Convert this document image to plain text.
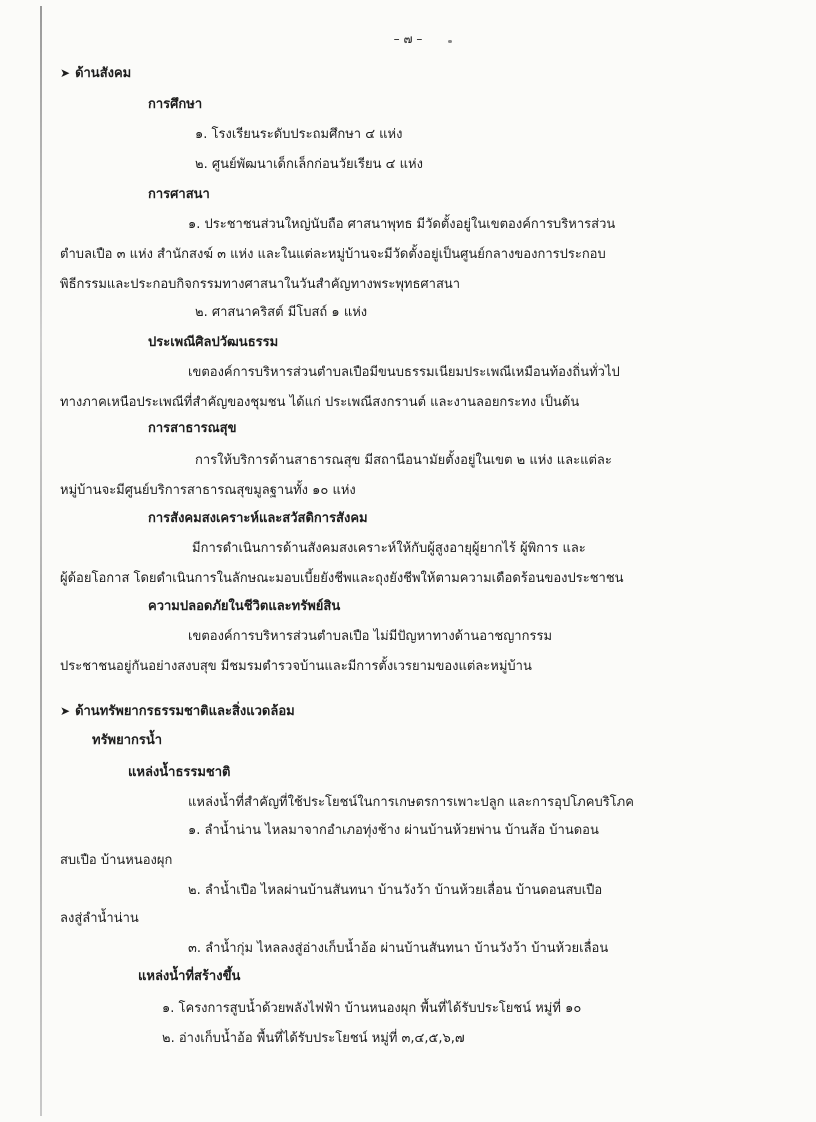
– ๗ –
➤ ด้านสังคม
การศึกษา
๑. โรงเรียนระดับประถมศึกษา ๔ แห่ง
๒. ศูนย์พัฒนาเด็กเล็กก่อนวัยเรียน ๔ แห่ง
การศาสนา
๑. ประชาชนส่วนใหญ่นับถือ ศาสนาพุทธ มีวัดตั้งอยู่ในเขตองค์การบริหารส่วน
ตำบลเปือ ๓ แห่ง สำนักสงฆ์ ๓ แห่ง และในแต่ละหมู่บ้านจะมีวัดตั้งอยู่เป็นศูนย์กลางของการประกอบ
พิธีกรรมและประกอบกิจกรรมทางศาสนาในวันสำคัญทางพระพุทธศาสนา
๒. ศาสนาคริสต์ มีโบสถ์ ๑ แห่ง
ประเพณีศิลปวัฒนธรรม
เขตองค์การบริหารส่วนตำบลเปือมีขนบธรรมเนียมประเพณีเหมือนท้องถิ่นทั่วไป
ทางภาคเหนือประเพณีที่สำคัญของชุมชน ได้แก่ ประเพณีสงกรานต์ และงานลอยกระทง เป็นต้น
การสาธารณสุข
การให้บริการด้านสาธารณสุข มีสถานีอนามัยตั้งอยู่ในเขต ๒ แห่ง และแต่ละ
หมู่บ้านจะมีศูนย์บริการสาธารณสุขมูลฐานทั้ง ๑๐ แห่ง
การสังคมสงเคราะห์และสวัสดิการสังคม
มีการดำเนินการด้านสังคมสงเคราะห์ให้กับผู้สูงอายุผู้ยากไร้ ผู้พิการ และ
ผู้ด้อยโอกาส โดยดำเนินการในลักษณะมอบเบี้ยยังชีพและถุงยังชีพให้ตามความเดือดร้อนของประชาชน
ความปลอดภัยในชีวิตและทรัพย์สิน
เขตองค์การบริหารส่วนตำบลเปือ ไม่มีปัญหาทางด้านอาชญากรรม
ประชาชนอยู่กันอย่างสงบสุข มีชมรมตำรวจบ้านและมีการตั้งเวรยามของแต่ละหมู่บ้าน
➤ ด้านทรัพยากรธรรมชาติและสิ่งแวดล้อม
ทรัพยากรน้ำ
แหล่งน้ำธรรมชาติ
แหล่งน้ำที่สำคัญที่ใช้ประโยชน์ในการเกษตรการเพาะปลูก และการอุปโภคบริโภค
๑. ลำน้ำน่าน ไหลมาจากอำเภอทุ่งช้าง ผ่านบ้านห้วยพ่าน บ้านส้อ บ้านดอน
สบเปือ บ้านหนองผุก
๒. ลำน้ำเปือ ไหลผ่านบ้านสันทนา บ้านวังว้า บ้านห้วยเลื่อน บ้านดอนสบเปือ
ลงสู่ลำน้ำน่าน
๓. ลำน้ำกุ่ม ไหลลงสู่อ่างเก็บน้ำอ้อ ผ่านบ้านสันทนา บ้านวังว้า บ้านห้วยเลื่อน
แหล่งน้ำที่สร้างขึ้น
๑. โครงการสูบน้ำด้วยพลังไฟฟ้า บ้านหนองผุก พื้นที่ได้รับประโยชน์ หมู่ที่ ๑๐
๒. อ่างเก็บน้ำอ้อ พื้นที่ได้รับประโยชน์ หมู่ที่ ๓,๔,๕,๖,๗
